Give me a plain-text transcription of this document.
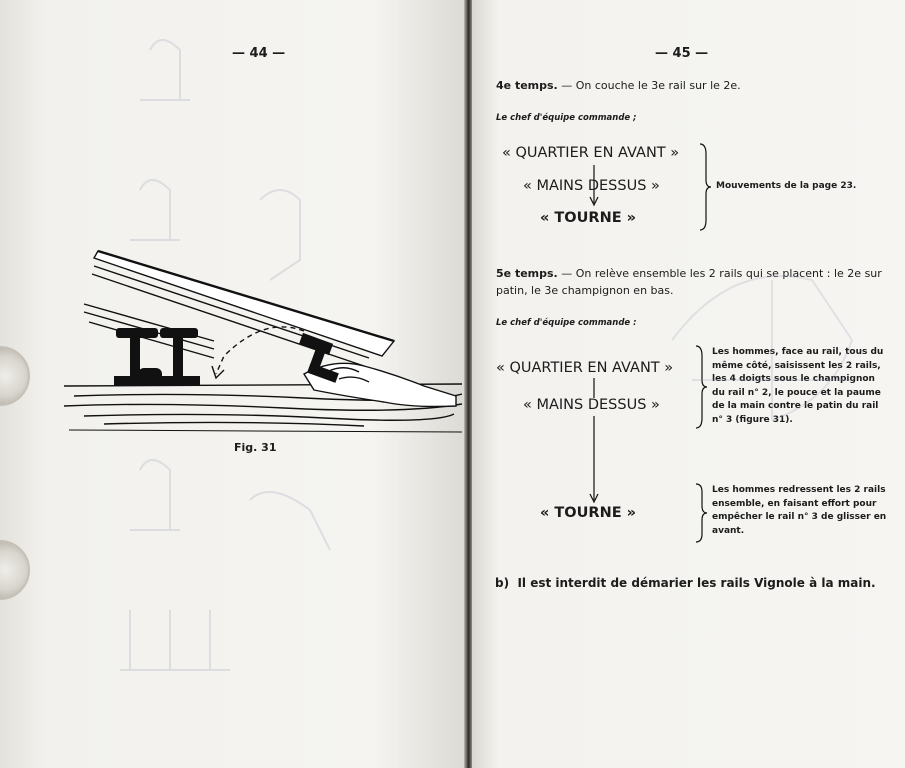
— 44 —
Fig. 31
— 45 —
4e temps. — On couche le 3e rail sur le 2e.
Le chef d'équipe commande ;
« QUARTIER EN AVANT »
« MAINS DESSUS »
« TOURNE »
Mouvements de la page 23.
5e temps. — On relève ensemble les 2 rails qui se placent : le 2e sur
patin, le 3e champignon en bas.
Le chef d'équipe commande :
« QUARTIER EN AVANT »
« MAINS DESSUS »
« TOURNE »
Les hommes, face au rail, tous du
même côté, saisissent les 2 rails,
les 4 doigts sous le champignon
du rail n° 2, le pouce et la paume
de la main contre le patin du rail
n° 3 (figure 31).
Les hommes redressent les 2 rails
ensemble, en faisant effort pour
empêcher le rail n° 3 de glisser en
avant.
b) Il est interdit de démarier les rails Vignole à la main.
